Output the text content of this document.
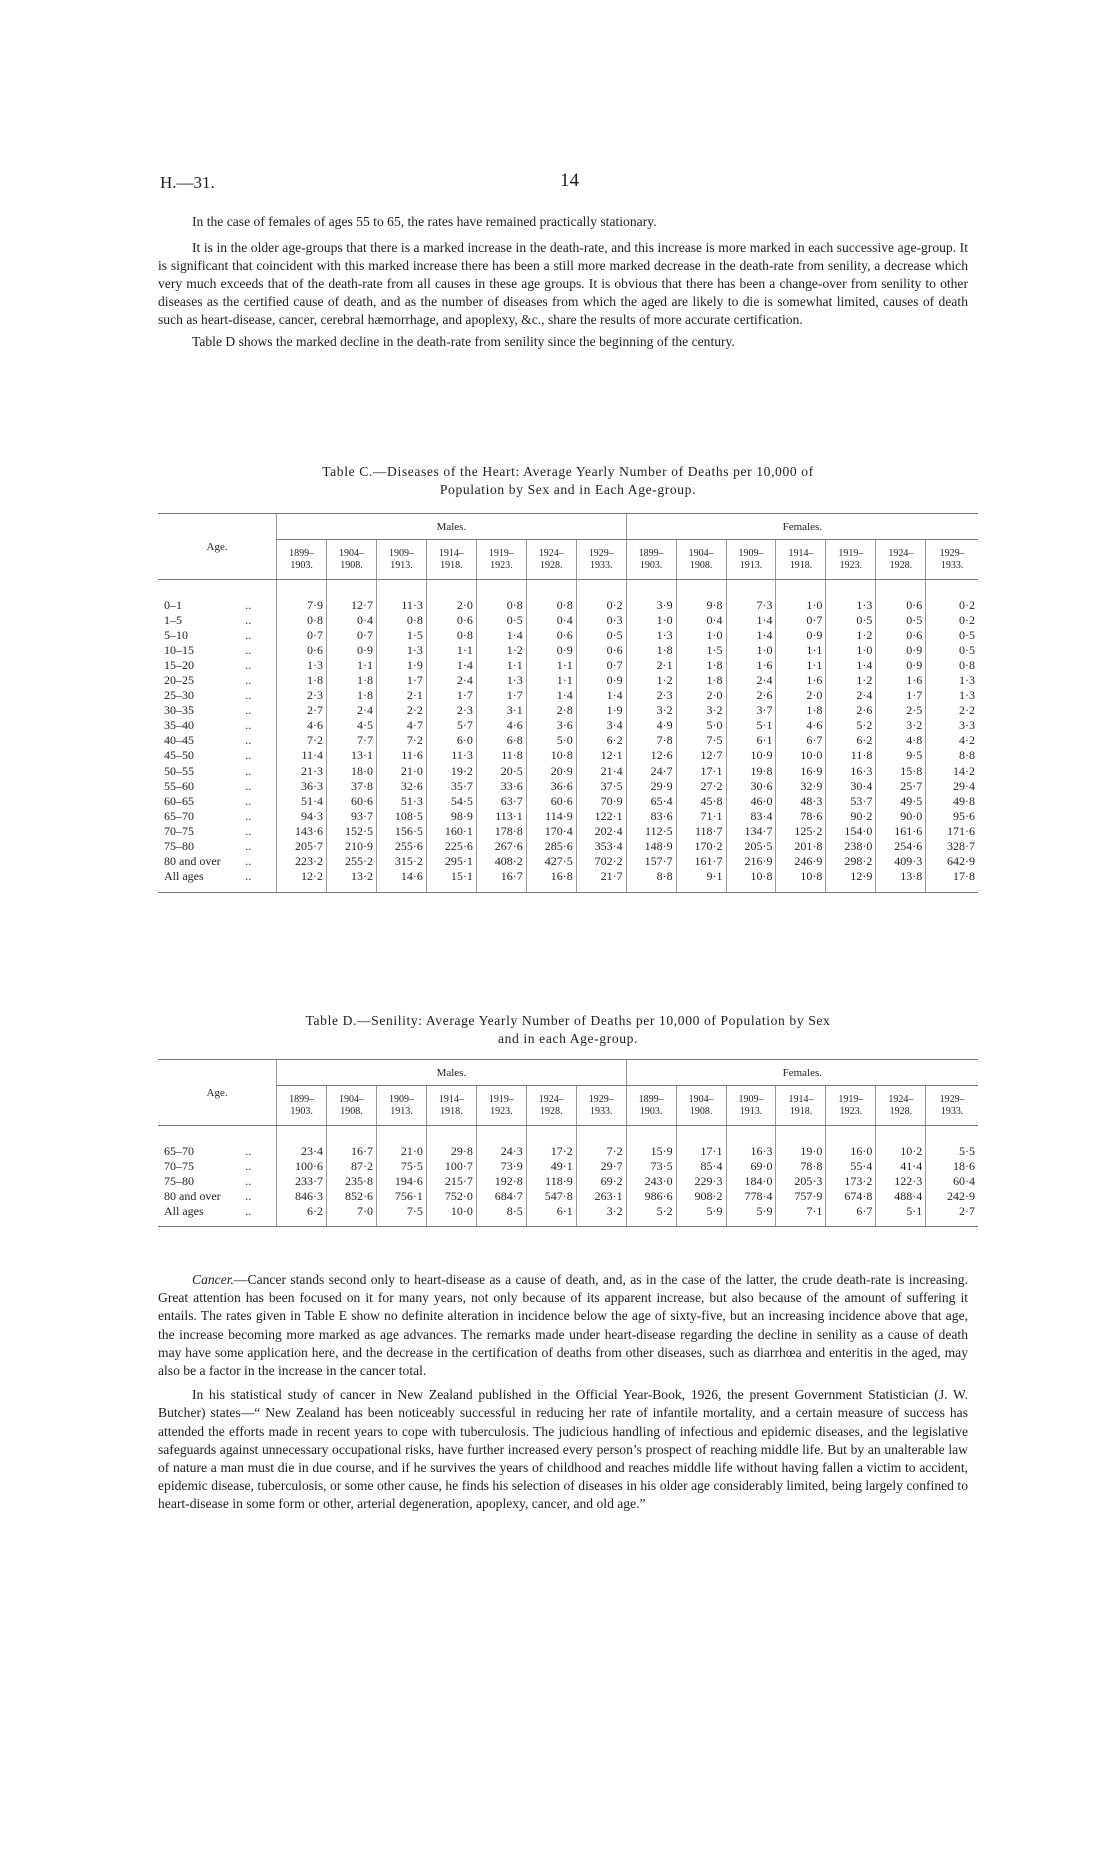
H.—31.	14

In the case of females of ages 55 to 65, the rates have remained practically stationary.

It is in the older age-groups that there is a marked increase in the death-rate, and this increase is more marked in each successive age-group. It is significant that coincident with this marked increase there has been a still more marked decrease in the death-rate from senility, a decrease which very much exceeds that of the death-rate from all causes in these age groups. It is obvious that there has been a change-over from senility to other diseases as the certified cause of death, and as the number of diseases from which the aged are likely to die is somewhat limited, causes of death such as heart-disease, cancer, cerebral hæmorrhage, and apoplexy, &c., share the results of more accurate certification.

Table D shows the marked decline in the death-rate from senility since the beginning of the century.

Table C.—Diseases of the Heart: Average Yearly Number of Deaths per 10,000 of
Population by Sex and in Each Age-group.
Age.		Males.							Females.						
		1899–
1903.	1904–
1908.	1909–
1913.	1914–
1918.	1919–
1923.	1924–
1928.	1929–
1933.	1899–
1903.	1904–
1908.	1909–
1913.	1914–
1918.	1919–
1923.	1924–
1928.	1929–
1933.

0–1	..	7·9	12·7	11·3	2·0	0·8	0·8	0·2	3·9	9·8	7·3	1·0	1·3	0·6	0·2
1–5	..	0·8	0·4	0·8	0·6	0·5	0·4	0·3	1·0	0·4	1·4	0·7	0·5	0·5	0·2
5–10	..	0·7	0·7	1·5	0·8	1·4	0·6	0·5	1·3	1·0	1·4	0·9	1·2	0·6	0·5
10–15	..	0·6	0·9	1·3	1·1	1·2	0·9	0·6	1·8	1·5	1·0	1·1	1·0	0·9	0·5
15–20	..	1·3	1·1	1·9	1·4	1·1	1·1	0·7	2·1	1·8	1·6	1·1	1·4	0·9	0·8
20–25	..	1·8	1·8	1·7	2·4	1·3	1·1	0·9	1·2	1·8	2·4	1·6	1·2	1·6	1·3
25–30	..	2·3	1·8	2·1	1·7	1·7	1·4	1·4	2·3	2·0	2·6	2·0	2·4	1·7	1·3
30–35	..	2·7	2·4	2·2	2·3	3·1	2·8	1·9	3·2	3·2	3·7	1·8	2·6	2·5	2·2
35–40	..	4·6	4·5	4·7	5·7	4·6	3·6	3·4	4·9	5·0	5·1	4·6	5·2	3·2	3·3
40–45	..	7·2	7·7	7·2	6·0	6·8	5·0	6·2	7·8	7·5	6·1	6·7	6·2	4·8	4·2
45–50	..	11·4	13·1	11·6	11·3	11·8	10·8	12·1	12·6	12·7	10·9	10·0	11·8	9·5	8·8
50–55	..	21·3	18·0	21·0	19·2	20·5	20·9	21·4	24·7	17·1	19·8	16·9	16·3	15·8	14·2
55–60	..	36·3	37·8	32·6	35·7	33·6	36·6	37·5	29·9	27·2	30·6	32·9	30·4	25·7	29·4
60–65	..	51·4	60·6	51·3	54·5	63·7	60·6	70·9	65·4	45·8	46·0	48·3	53·7	49·5	49·8
65–70	..	94·3	93·7	108·5	98·9	113·1	114·9	122·1	83·6	71·1	83·4	78·6	90·2	90·0	95·6
70–75	..	143·6	152·5	156·5	160·1	178·8	170·4	202·4	112·5	118·7	134·7	125·2	154·0	161·6	171·6
75–80	..	205·7	210·9	255·6	225·6	267·6	285·6	353·4	148·9	170·2	205·5	201·8	238·0	254·6	328·7
80 and over	..	223·2	255·2	315·2	295·1	408·2	427·5	702·2	157·7	161·7	216·9	246·9	298·2	409·3	642·9
All ages	..	12·2	13·2	14·6	15·1	16·7	16·8	21·7	8·8	9·1	10·8	10·8	12·9	13·8	17·8

Table D.—Senility: Average Yearly Number of Deaths per 10,000 of Population by Sex
and in each Age-group.
Age.		Males.							Females.						
		1899–
1903.	1904–
1908.	1909–
1913.	1914–
1918.	1919–
1923.	1924–
1928.	1929–
1933.	1899–
1903.	1904–
1908.	1909–
1913.	1914–
1918.	1919–
1923.	1924–
1928.	1929–
1933.

65–70	..	23·4	16·7	21·0	29·8	24·3	17·2	7·2	15·9	17·1	16·3	19·0	16·0	10·2	5·5
70–75	..	100·6	87·2	75·5	100·7	73·9	49·1	29·7	73·5	85·4	69·0	78·8	55·4	41·4	18·6
75–80	..	233·7	235·8	194·6	215·7	192·8	118·9	69·2	243·0	229·3	184·0	205·3	173·2	122·3	60·4
80 and over	..	846·3	852·6	756·1	752·0	684·7	547·8	263·1	986·6	908·2	778·4	757·9	674·8	488·4	242·9
All ages	..	6·2	7·0	7·5	10·0	8·5	6·1	3·2	5·2	5·9	5·9	7·1	6·7	5·1	2·7

Cancer.—Cancer stands second only to heart-disease as a cause of death, and, as in the case of the latter, the crude death-rate is increasing. Great attention has been focused on it for many years, not only because of its apparent increase, but also because of the amount of suffering it entails. The rates given in Table E show no definite alteration in incidence below the age of sixty-five, but an increasing incidence above that age, the increase becoming more marked as age advances. The remarks made under heart-disease regarding the decline in senility as a cause of death may have some application here, and the decrease in the certification of deaths from other diseases, such as diarrhœa and enteritis in the aged, may also be a factor in the increase in the cancer total.

In his statistical study of cancer in New Zealand published in the Official Year-Book, 1926, the present Government Statistician (J. W. Butcher) states—“ New Zealand has been noticeably successful in reducing her rate of infantile mortality, and a certain measure of success has attended the efforts made in recent years to cope with tuberculosis. The judicious handling of infectious and epidemic diseases, and the legislative safeguards against unnecessary occupational risks, have further increased every person’s prospect of reaching middle life. But by an unalterable law of nature a man must die in due course, and if he survives the years of childhood and reaches middle life without having fallen a victim to accident, epidemic disease, tuberculosis, or some other cause, he finds his selection of diseases in his older age considerably limited, being largely confined to heart-disease in some form or other, arterial degeneration, apoplexy, cancer, and old age.”
